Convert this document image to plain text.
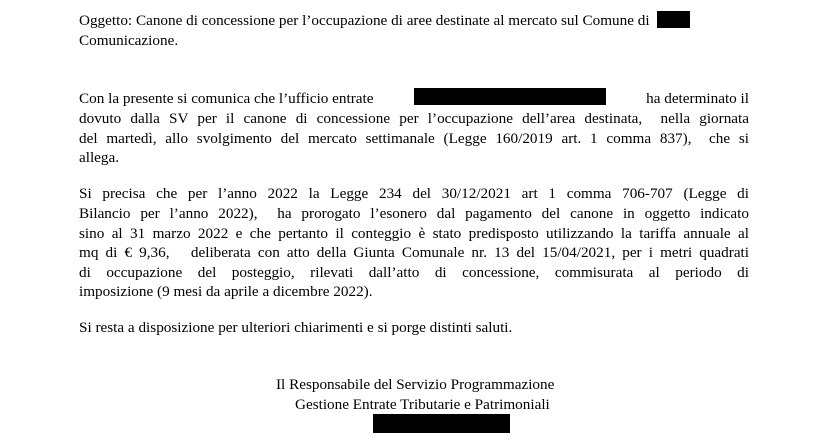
Oggetto: Canone di concessione per l’occupazione di aree destinate al mercato sul Comune di
Comunicazione.
Con la presente si comunica che l’ufficio entrate	ha determinato il
dovuto dalla SV per il canone di concessione per l’occupazione dell’area destinata,  nella giornata
del martedì, allo svolgimento del mercato settimanale (Legge 160/2019 art. 1 comma 837),  che si
allega.
Si precisa che per l’anno 2022 la Legge 234 del 30/12/2021 art 1 comma 706-707 (Legge di
Bilancio per l’anno 2022),  ha prorogato l’esonero dal pagamento del canone in oggetto indicato
sino al 31 marzo 2022 e che pertanto il conteggio è stato predisposto utilizzando la tariffa annuale al
mq di € 9,36,   deliberata con atto della Giunta Comunale nr. 13 del 15/04/2021, per i metri quadrati
di occupazione del posteggio, rilevati dall’atto di concessione, commisurata al periodo di
imposizione (9 mesi da aprile a dicembre 2022).
Si resta a disposizione per ulteriori chiarimenti e si porge distinti saluti.
Il Responsabile del Servizio Programmazione
Gestione Entrate Tributarie e Patrimoniali
